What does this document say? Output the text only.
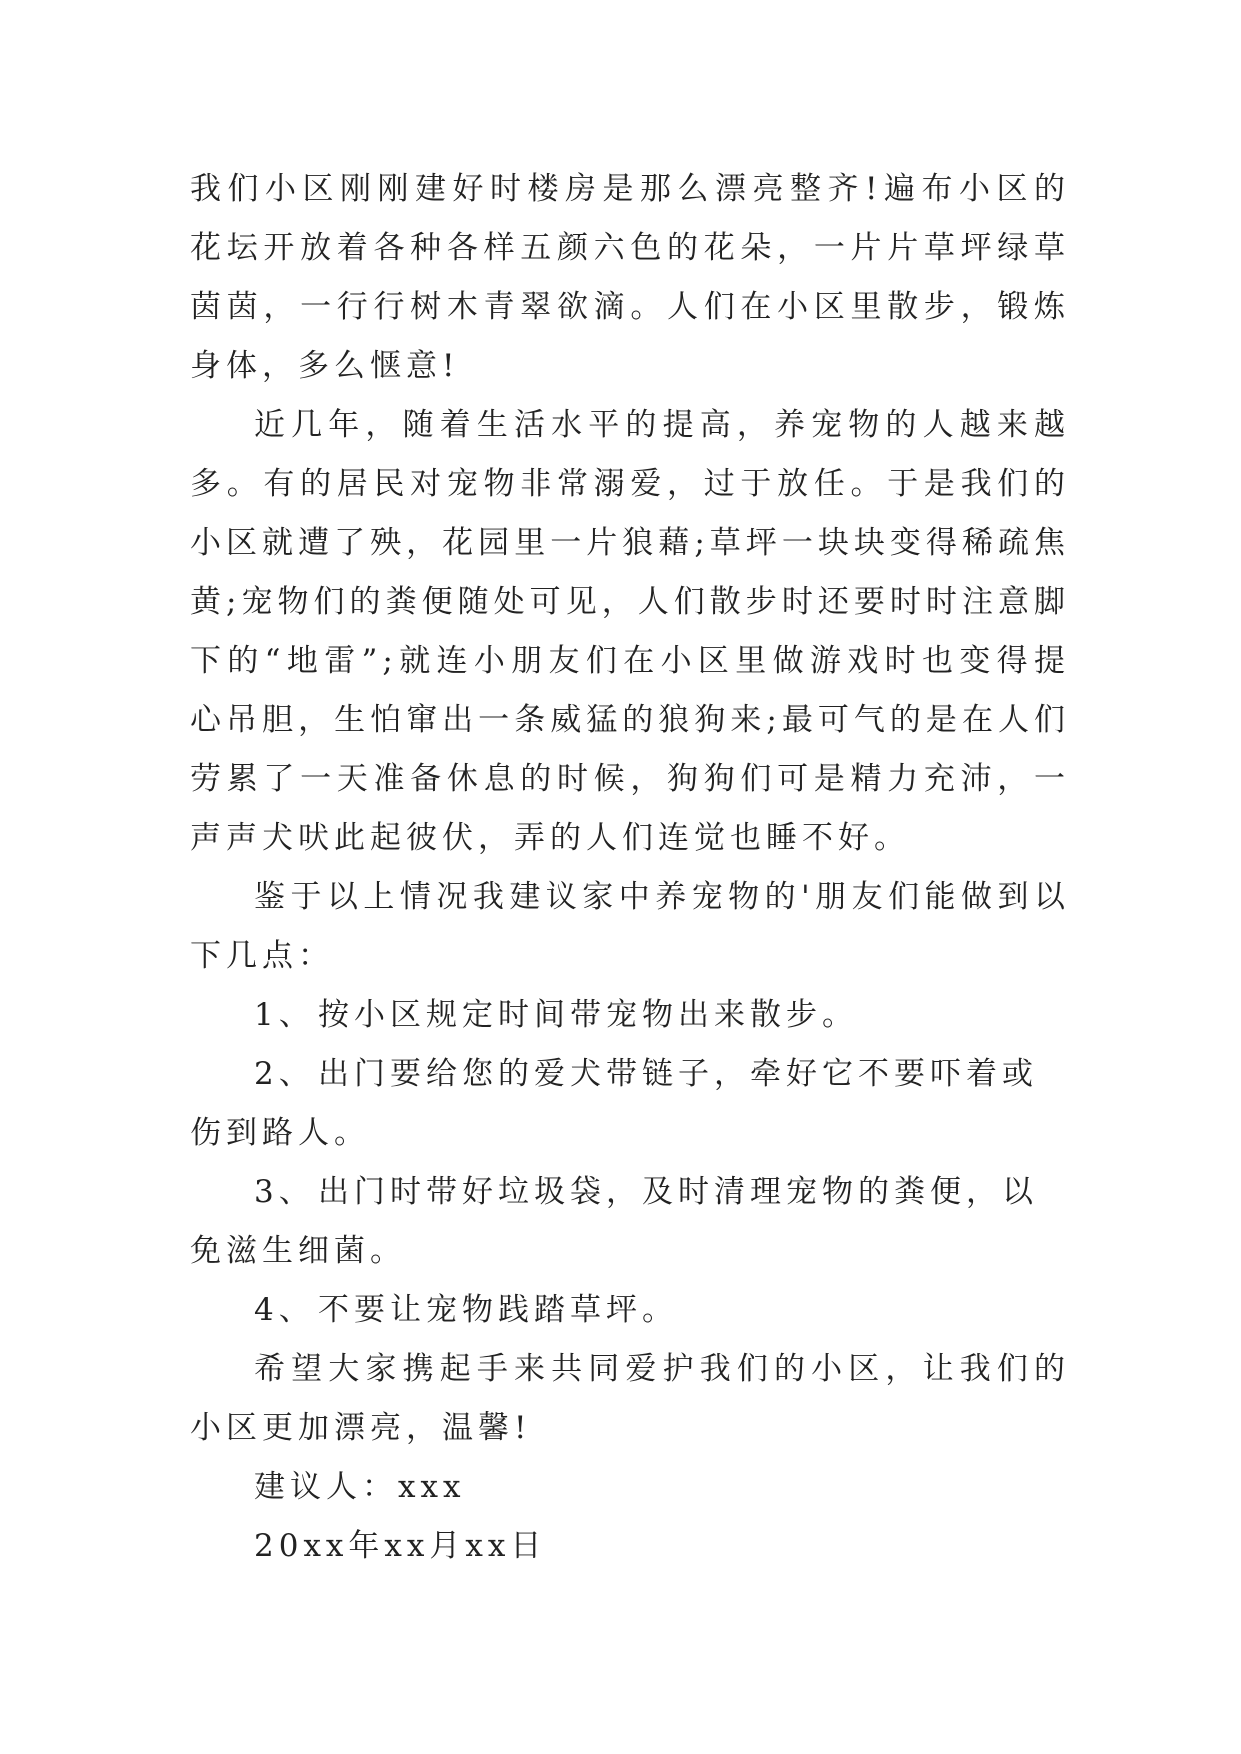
我们小区刚刚建好时楼房是那么漂亮整齐!遍布小区的花坛开放着各种各样五颜六色的花朵，一片片草坪绿草茵茵，一行行树木青翠欲滴。人们在小区里散步，锻炼身体，多么惬意!

近几年，随着生活水平的提高，养宠物的人越来越多。有的居民对宠物非常溺爱，过于放任。于是我们的小区就遭了殃，花园里一片狼藉;草坪一块块变得稀疏焦黄;宠物们的粪便随处可见，人们散步时还要时时注意脚下的“地雷”;就连小朋友们在小区里做游戏时也变得提心吊胆，生怕窜出一条威猛的狼狗来;最可气的是在人们劳累了一天准备休息的时候，狗狗们可是精力充沛，一声声犬吠此起彼伏，弄的人们连觉也睡不好。

鉴于以上情况我建议家中养宠物的'朋友们能做到以下几点：

1、 按小区规定时间带宠物出来散步。

2、 出门要给您的爱犬带链子，牵好它不要吓着或伤到路人。

3、 出门时带好垃圾袋，及时清理宠物的粪便，以免滋生细菌。

4、 不要让宠物践踏草坪。

希望大家携起手来共同爱护我们的小区，让我们的小区更加漂亮，温馨!

建议人：xxx

20xx年xx月xx日
